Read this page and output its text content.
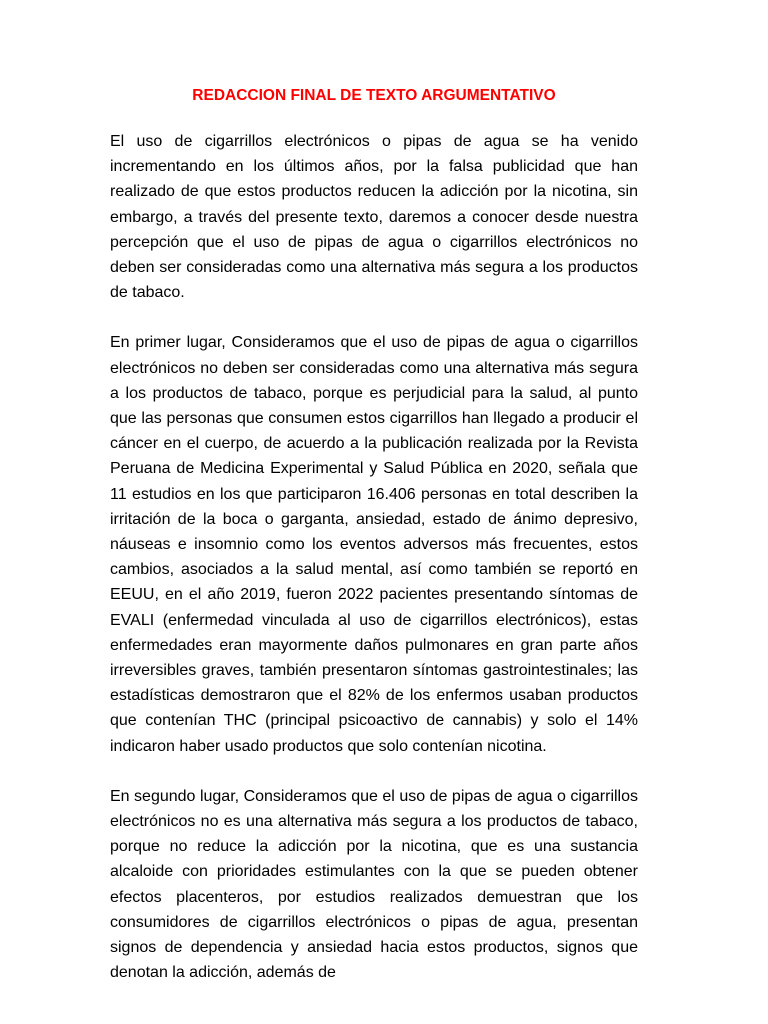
REDACCION FINAL DE TEXTO ARGUMENTATIVO

El uso de cigarrillos electrónicos o pipas de agua se ha venido incrementando en los últimos años, por la falsa publicidad que han realizado de que estos productos reducen la adicción por la nicotina, sin embargo, a través del presente texto, daremos a conocer desde nuestra percepción que el uso de pipas de agua o cigarrillos electrónicos no deben ser consideradas como una alternativa más segura a los productos de tabaco.

En primer lugar, Consideramos que el uso de pipas de agua o cigarrillos electrónicos no deben ser consideradas como una alternativa más segura a los productos de tabaco, porque es perjudicial para la salud, al punto que las personas que consumen estos cigarrillos han llegado a producir el cáncer en el cuerpo, de acuerdo a la publicación realizada por la Revista Peruana de Medicina Experimental y Salud Pública en 2020, señala que 11 estudios en los que participaron 16.406 personas en total describen la irritación de la boca o garganta, ansiedad, estado de ánimo depresivo, náuseas e insomnio como los eventos adversos más frecuentes, estos cambios, asociados a la salud mental, así como también se reportó en EEUU, en el año 2019, fueron 2022 pacientes presentando síntomas de EVALI (enfermedad vinculada al uso de cigarrillos electrónicos), estas enfermedades eran mayormente daños pulmonares en gran parte años irreversibles graves, también presentaron síntomas gastrointestinales; las estadísticas demostraron que el 82% de los enfermos usaban productos que contenían THC (principal psicoactivo de cannabis) y solo el 14% indicaron haber usado productos que solo contenían nicotina.

En segundo lugar, Consideramos que el uso de pipas de agua o cigarrillos electrónicos no es una alternativa más segura a los productos de tabaco, porque no reduce la adicción por la nicotina, que es una sustancia alcaloide con prioridades estimulantes con la que se pueden obtener efectos placenteros, por estudios realizados demuestran que los consumidores de cigarrillos electrónicos o pipas de agua, presentan signos de dependencia y ansiedad hacia estos productos, signos que denotan la adicción, además de
